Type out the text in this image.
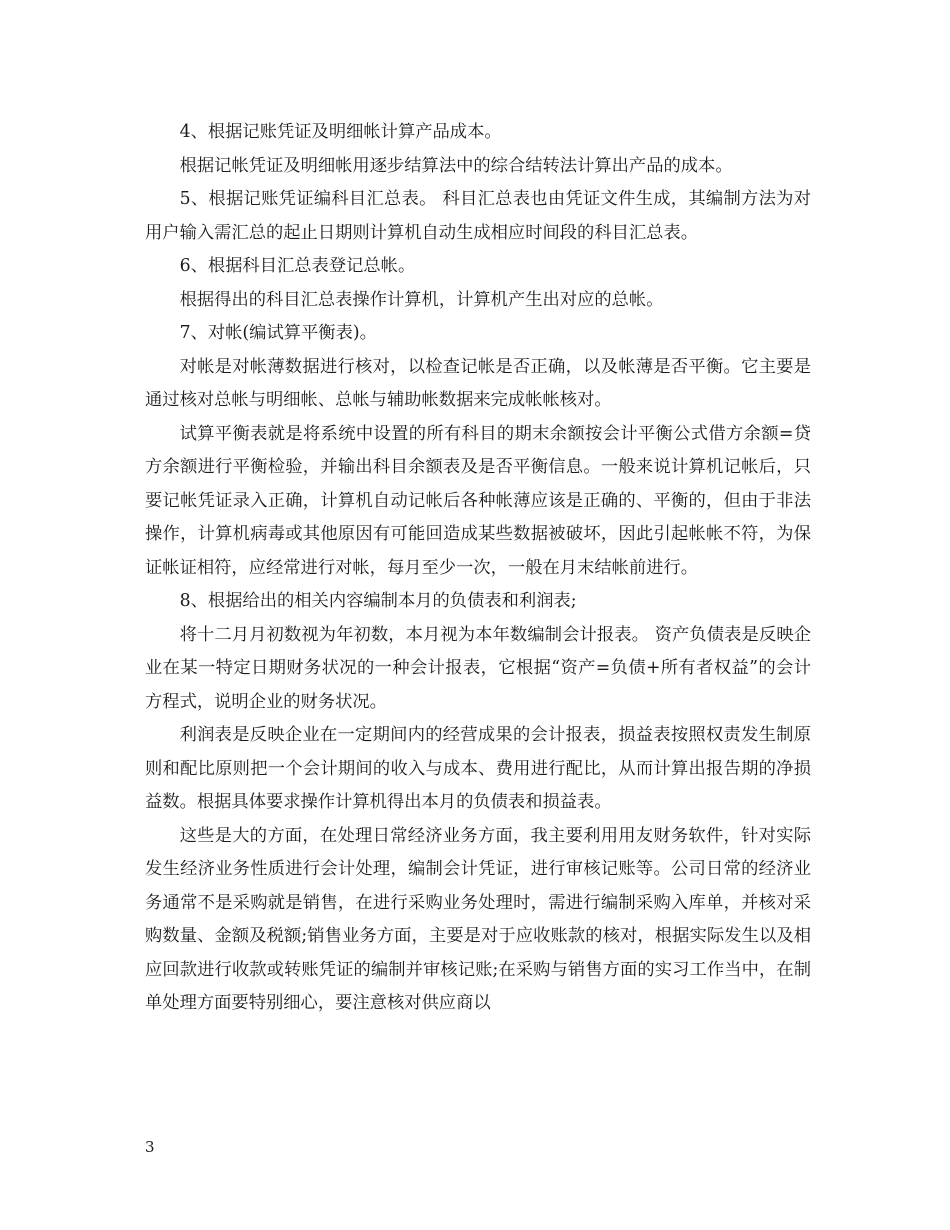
4、根据记账凭证及明细帐计算产品成本。

根据记帐凭证及明细帐用逐步结算法中的综合结转法计算出产品的成本。

5、根据记账凭证编科目汇总表。 科目汇总表也由凭证文件生成，其编制方法为对用户输入需汇总的起止日期则计算机自动生成相应时间段的科目汇总表。

6、根据科目汇总表登记总帐。

根据得出的科目汇总表操作计算机，计算机产生出对应的总帐。

7、对帐(编试算平衡表)。

对帐是对帐薄数据进行核对，以检查记帐是否正确，以及帐薄是否平衡。它主要是通过核对总帐与明细帐、总帐与辅助帐数据来完成帐帐核对。

试算平衡表就是将系统中设置的所有科目的期末余额按会计平衡公式借方余额=贷方余额进行平衡检验，并输出科目余额表及是否平衡信息。一般来说计算机记帐后，只要记帐凭证录入正确，计算机自动记帐后各种帐薄应该是正确的、平衡的，但由于非法操作，计算机病毒或其他原因有可能回造成某些数据被破坏，因此引起帐帐不符，为保证帐证相符，应经常进行对帐，每月至少一次，一般在月末结帐前进行。

8、根据给出的相关内容编制本月的负债表和利润表;

将十二月月初数视为年初数，本月视为本年数编制会计报表。 资产负债表是反映企业在某一特定日期财务状况的一种会计报表，它根据“资产=负债+所有者权益”的会计方程式，说明企业的财务状况。

利润表是反映企业在一定期间内的经营成果的会计报表，损益表按照权责发生制原则和配比原则把一个会计期间的收入与成本、费用进行配比，从而计算出报告期的净损益数。根据具体要求操作计算机得出本月的负债表和损益表。

这些是大的方面，在处理日常经济业务方面，我主要利用用友财务软件，针对实际发生经济业务性质进行会计处理，编制会计凭证，进行审核记账等。公司日常的经济业务通常不是采购就是销售，在进行采购业务处理时，需进行编制采购入库单，并核对采购数量、金额及税额;销售业务方面，主要是对于应收账款的核对，根据实际发生以及相应回款进行收款或转账凭证的编制并审核记账;在采购与销售方面的实习工作当中，在制单处理方面要特别细心，要注意核对供应商以

3
